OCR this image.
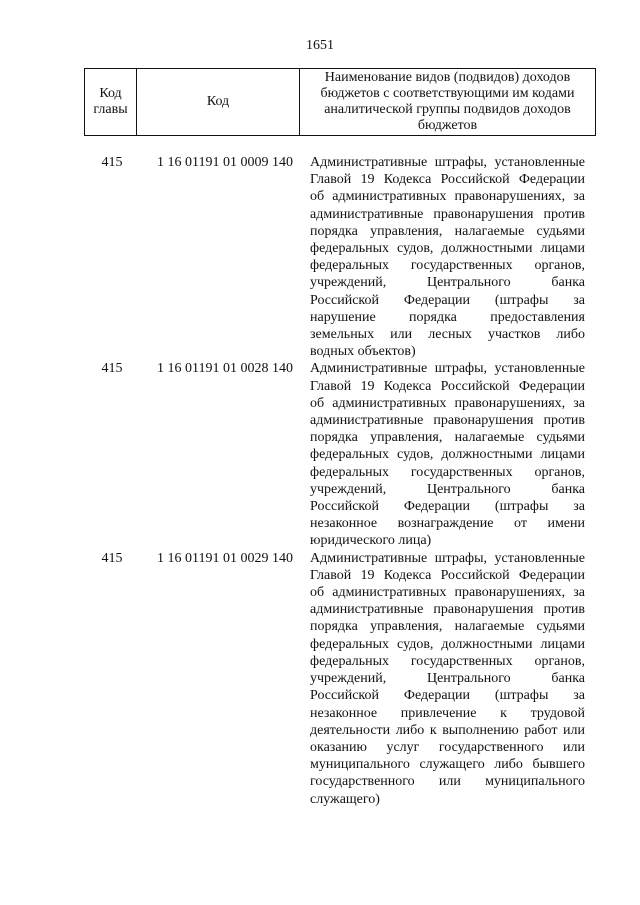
1651
Код главы	Код	Наименование видов (подвидов) доходов бюджетов с соответствующими им кодами аналитической группы подвидов доходов бюджетов
415	1 16 01191 01 0009 140	Административные штрафы, установленные
Главой 19 Кодекса Российской Федерации
об административных правонарушениях, за
административные правонарушения против
порядка управления, налагаемые судьями
федеральных судов, должностными лицами
федеральных государственных органов,
учреждений, Центрального банка
Российской Федерации (штрафы за
нарушение порядка предоставления
земельных или лесных участков либо
водных объектов)
415	1 16 01191 01 0028 140	Административные штрафы, установленные
Главой 19 Кодекса Российской Федерации
об административных правонарушениях, за
административные правонарушения против
порядка управления, налагаемые судьями
федеральных судов, должностными лицами
федеральных государственных органов,
учреждений, Центрального банка
Российской Федерации (штрафы за
незаконное вознаграждение от имени
юридического лица)
415	1 16 01191 01 0029 140	Административные штрафы, установленные
Главой 19 Кодекса Российской Федерации
об административных правонарушениях, за
административные правонарушения против
порядка управления, налагаемые судьями
федеральных судов, должностными лицами
федеральных государственных органов,
учреждений, Центрального банка
Российской Федерации (штрафы за
незаконное привлечение к трудовой
деятельности либо к выполнению работ или
оказанию услуг государственного или
муниципального служащего либо бывшего
государственного или муниципального
служащего)
